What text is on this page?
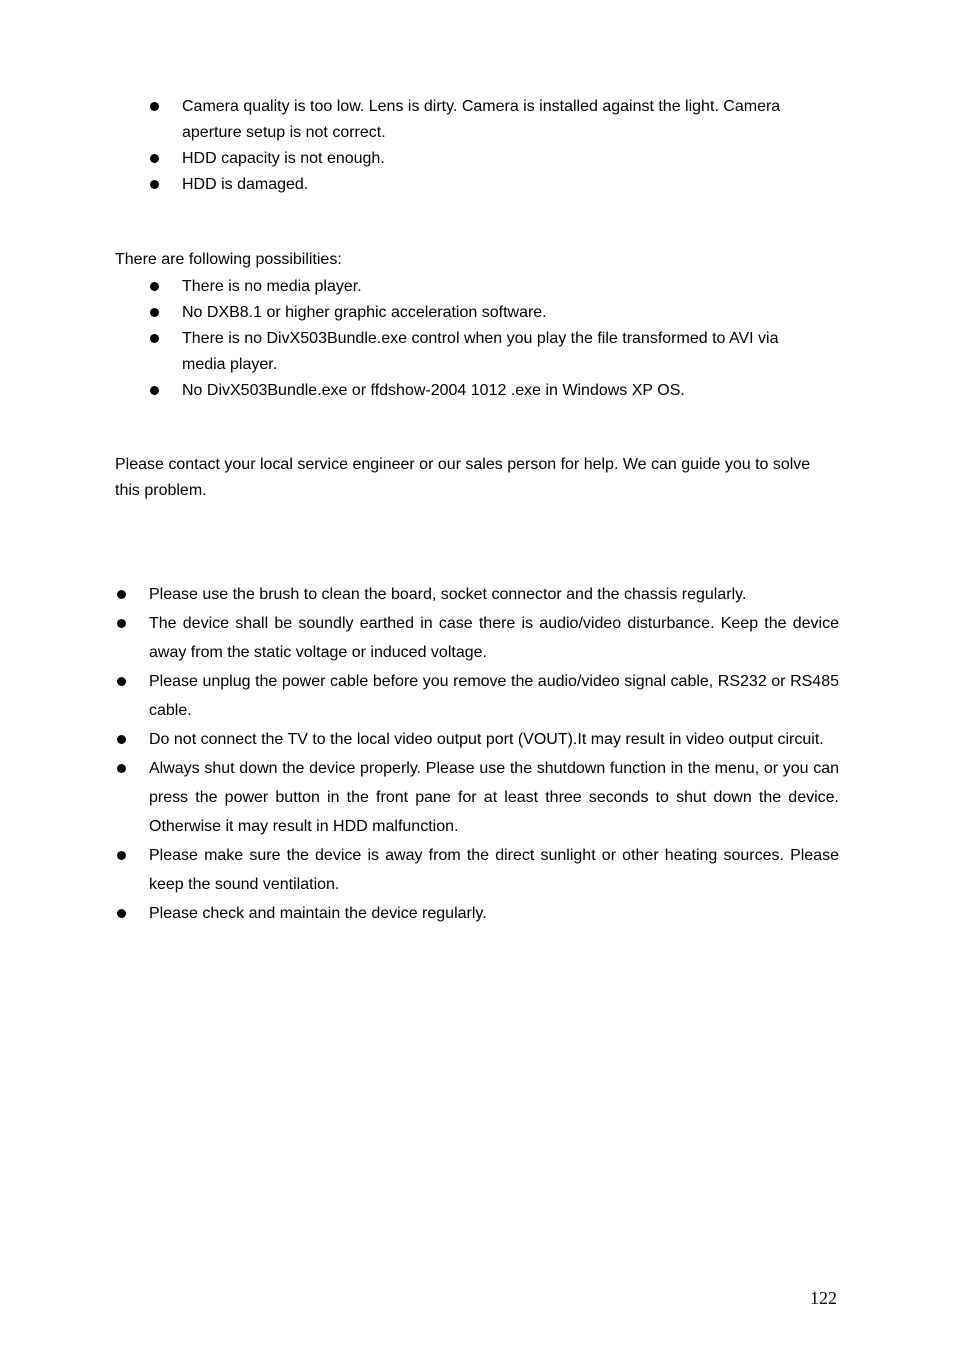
Camera quality is too low. Lens is dirty. Camera is installed against the light. Camera aperture setup is not correct.
HDD capacity is not enough.
HDD is damaged.

There are following possibilities:

There is no media player.
No DXB8.1 or higher graphic acceleration software.
There is no DivX503Bundle.exe control when you play the file transformed to AVI via media player.
No DivX503Bundle.exe or ffdshow-2004 1012 .exe in Windows XP OS.

Please contact your local service engineer or our sales person for help. We can guide you to solve this problem.

Please use the brush to clean the board, socket connector and the chassis regularly.
The device shall be soundly earthed in case there is audio/video disturbance. Keep the device away from the static voltage or induced voltage.
Please unplug the power cable before you remove the audio/video signal cable, RS232 or RS485 cable.
Do not connect the TV to the local video output port (VOUT).It may result in video output circuit.
Always shut down the device properly. Please use the shutdown function in the menu, or you can press the power button in the front pane for at least three seconds to shut down the device. Otherwise it may result in HDD malfunction.
Please make sure the device is away from the direct sunlight or other heating sources. Please keep the sound ventilation.
Please check and maintain the device regularly.
122
